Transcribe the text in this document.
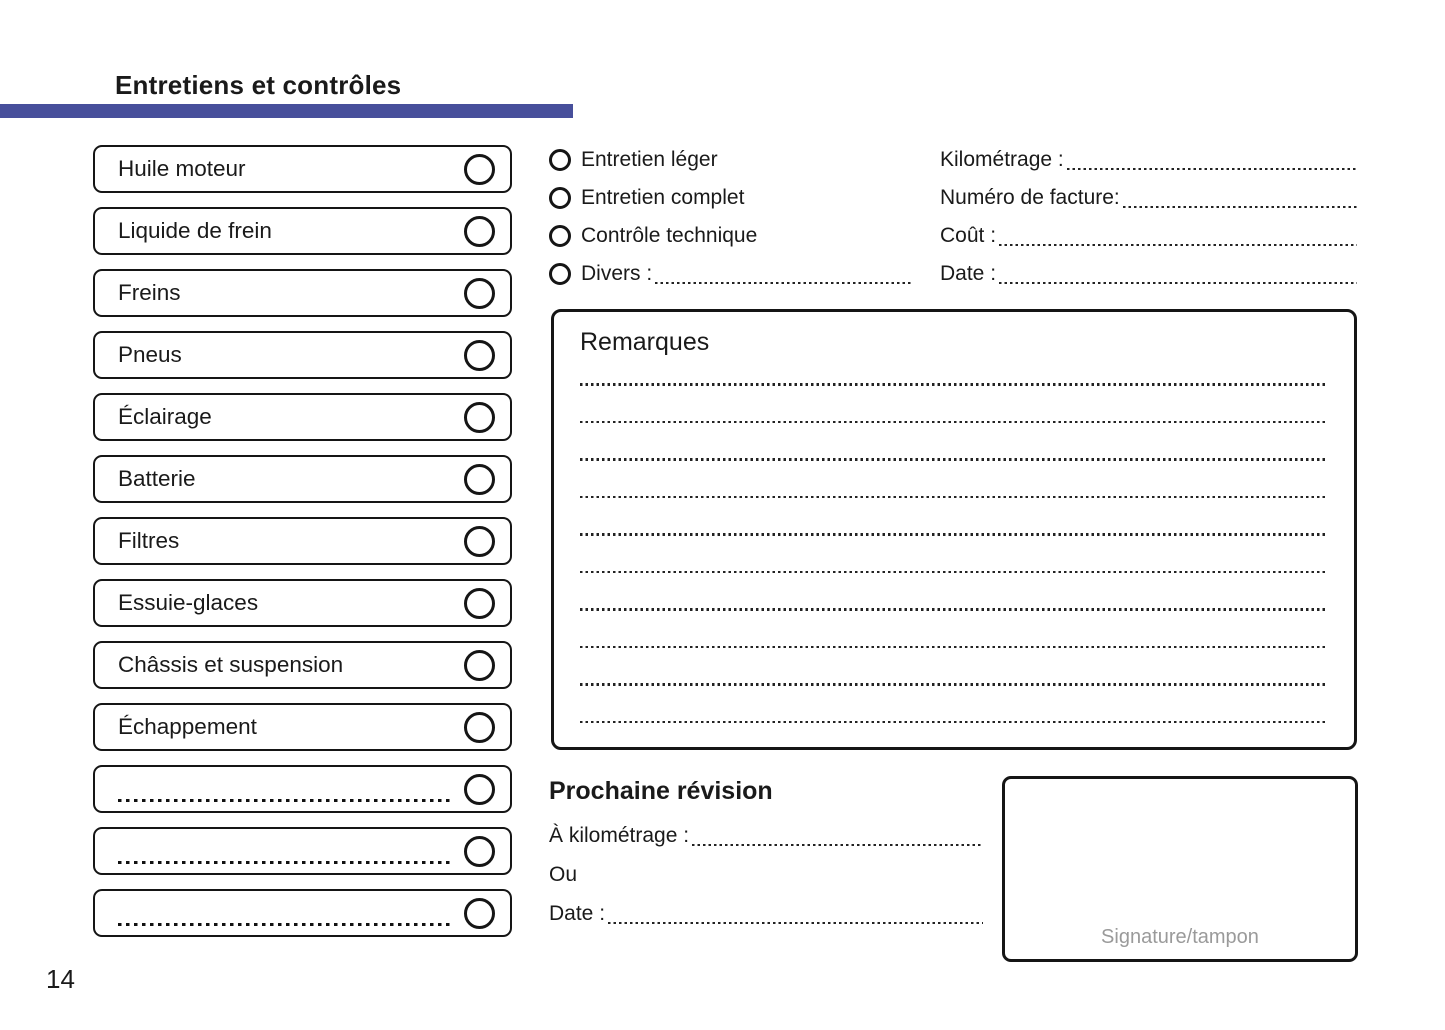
Entretiens et contrôles
Huile moteur
Liquide de frein
Freins
Pneus
Éclairage
Batterie
Filtres
Essuie-glaces
Châssis et suspension
Échappement
Entretien léger
Entretien complet
Contrôle technique
Divers :
Kilométrage :
Numéro de facture:
Coût :
Date :
Remarques
Prochaine révision
À kilométrage :
Ou
Date :
Signature/tampon
14
